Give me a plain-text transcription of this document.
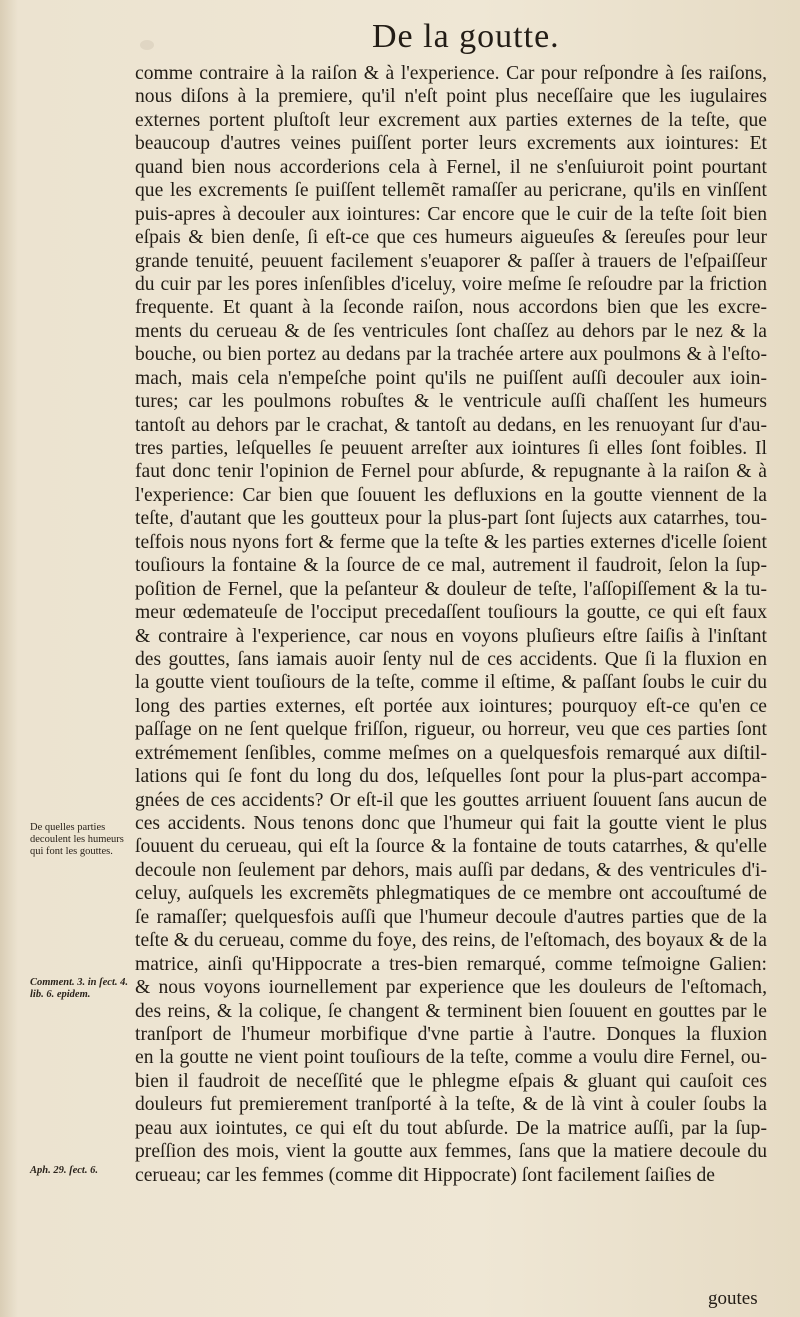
De la goutte.
comme contraire à la raiſon & à l'experience. Car pour reſpondre à ſes raiſons,
nous diſons à la premiere, qu'il n'eſt point plus neceſſaire que les iugulaires
externes portent pluſtoſt leur excrement aux parties externes de la teſte, que
beaucoup d'autres veines puiſſent porter leurs excrements aux iointures: Et
quand bien nous accorderions cela à Fernel, il ne s'enſuiuroit point pourtant
que les excrements ſe puiſſent tellemẽt ramaſſer au pericrane, qu'ils en vinſſent
puis-apres à decouler aux iointures: Car encore que le cuir de la teſte ſoit bien
eſpais & bien denſe, ſi eſt-ce que ces humeurs aigueuſes & ſereuſes pour leur
grande tenuité, peuuent facilement s'euaporer & paſſer à trauers de l'eſpaiſſeur
du cuir par les pores inſenſibles d'iceluy, voire meſme ſe reſoudre par la friction
frequente. Et quant à la ſeconde raiſon, nous accordons bien que les excre-
ments du cerueau & de ſes ventricules ſont chaſſez au dehors par le nez & la
bouche, ou bien portez au dedans par la trachée artere aux poulmons & à l'eſto-
mach, mais cela n'empeſche point qu'ils ne puiſſent auſſi decouler aux ioin-
tures; car les poulmons robuſtes & le ventricule auſſi chaſſent les humeurs
tantoſt au dehors par le crachat, & tantoſt au dedans, en les renuoyant ſur d'au-
tres parties, leſquelles ſe peuuent arreſter aux iointures ſi elles ſont foibles. Il
faut donc tenir l'opinion de Fernel pour abſurde, & repugnante à la raiſon & à
l'experience: Car bien que ſouuent les defluxions en la goutte viennent de la
teſte, d'autant que les goutteux pour la plus-part ſont ſujects aux catarrhes, tou-
teſfois nous nyons fort & ferme que la teſte & les parties externes d'icelle ſoient
touſiours la fontaine & la ſource de ce mal, autrement il faudroit, ſelon la ſup-
poſition de Fernel, que la peſanteur & douleur de teſte, l'aſſopiſſement & la tu-
meur œdemateuſe de l'occiput precedaſſent touſiours la goutte, ce qui eſt faux
& contraire à l'experience, car nous en voyons pluſieurs eſtre ſaiſis à l'inſtant
des gouttes, ſans iamais auoir ſenty nul de ces accidents. Que ſi la fluxion en
la goutte vient touſiours de la teſte, comme il eſtime, & paſſant ſoubs le cuir du
long des parties externes, eſt portée aux iointures; pourquoy eſt-ce qu'en ce
paſſage on ne ſent quelque friſſon, rigueur, ou horreur, veu que ces parties ſont
extrémement ſenſibles, comme meſmes on a quelquesfois remarqué aux diſtil-
lations qui ſe font du long du dos, leſquelles ſont pour la plus-part accompa-
gnées de ces accidents? Or eſt-il que les gouttes arriuent ſouuent ſans aucun de
ces accidents. Nous tenons donc que l'humeur qui fait la goutte vient le plus
ſouuent du cerueau, qui eſt la ſource & la fontaine de touts catarrhes, & qu'elle
decoule non ſeulement par dehors, mais auſſi par dedans, & des ventricules d'i-
celuy, auſquels les excremẽts phlegmatiques de ce membre ont accouſtumé de
ſe ramaſſer; quelquesfois auſſi que l'humeur decoule d'autres parties que de la
teſte & du cerueau, comme du foye, des reins, de l'eſtomach, des boyaux & de la
matrice, ainſi qu'Hippocrate a tres-bien remarqué, comme teſmoigne Galien:
& nous voyons iournellement par experience que les douleurs de l'eſtomach,
des reins, & la colique, ſe changent & terminent bien ſouuent en gouttes par le
tranſport de l'humeur morbifique d'vne partie à l'autre. Donques la fluxion
en la goutte ne vient point touſiours de la teſte, comme a voulu dire Fernel, ou-
bien il faudroit de neceſſité que le phlegme eſpais & gluant qui cauſoit ces
douleurs fut premierement tranſporté à la teſte, & de là vint à couler ſoubs la
peau aux iointutes, ce qui eſt du tout abſurde. De la matrice auſſi, par la ſup-
preſſion des mois, vient la goutte aux femmes, ſans que la matiere decoule du
cerueau; car les femmes (comme dit Hippocrate) ſont facilement ſaiſies de
De quelles parties decoulent les humeurs qui font les gouttes.
Comment. 3. in ſect. 4. lib. 6. epidem.
Aph. 29. ſect. 6.
goutes
